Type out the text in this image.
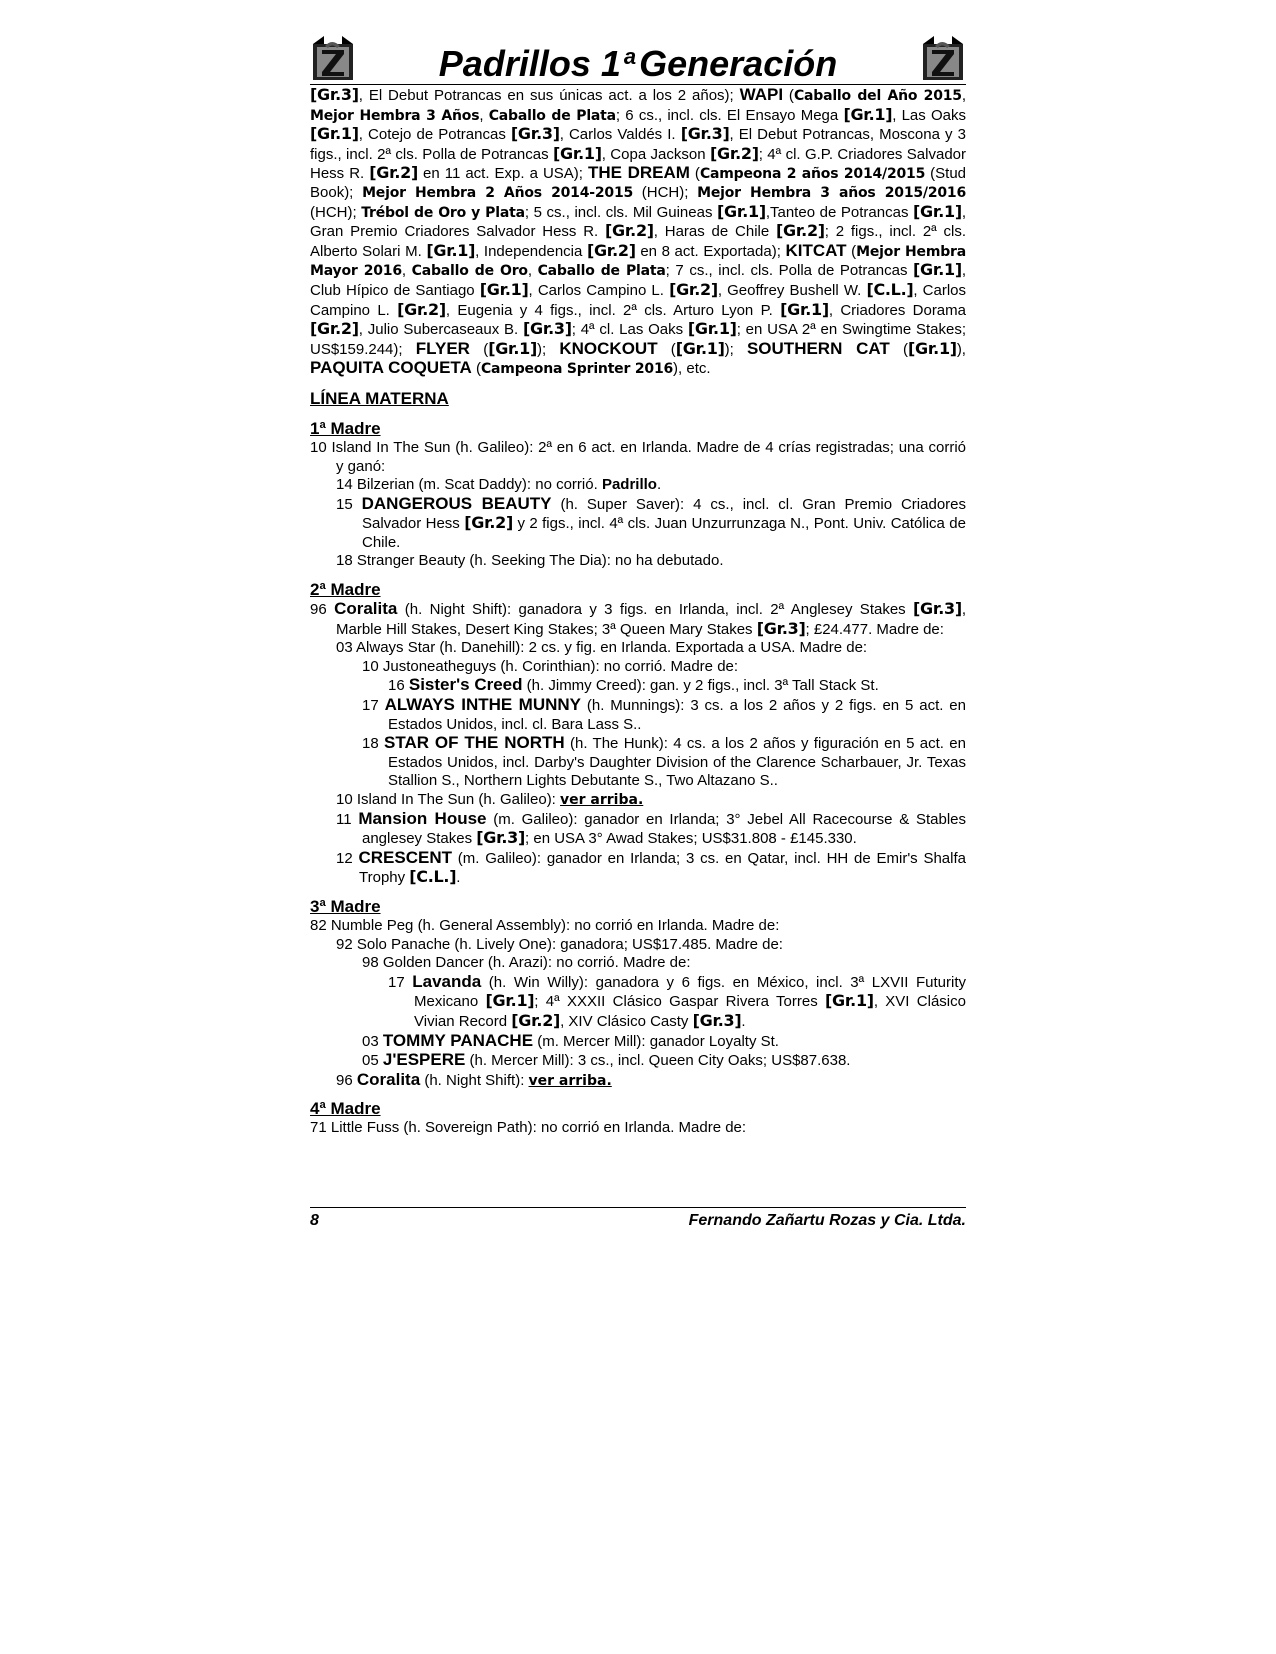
Padrillos 1 $^a$Generación

[Gr.3], El Debut Potrancas en sus únicas act. a los 2 años); WAPI (Caballo del Año 2015, Mejor Hembra 3 Años, Caballo de Plata; 6 cs., incl. cls. El Ensayo Mega [Gr.1], Las Oaks [Gr.1], Cotejo de Potrancas [Gr.3], Carlos Valdés I. [Gr.3], El Debut Potrancas, Moscona y 3 figs., incl. 2ª cls. Polla de Potrancas [Gr.1], Copa Jackson [Gr.2]; 4ª cl. G.P. Criadores Salvador Hess R. [Gr.2] en 11 act. Exp. a USA); THE DREAM (Campeona 2 años 2014/2015 (Stud Book); Mejor Hembra 2 Años 2014-2015 (HCH); Mejor Hembra 3 años 2015/2016 (HCH); Trébol de Oro y Plata; 5 cs., incl. cls. Mil Guineas [Gr.1],Tanteo de Potrancas [Gr.1], Gran Premio Criadores Salvador Hess R. [Gr.2], Haras de Chile [Gr.2]; 2 figs., incl. 2ª cls. Alberto Solari M. [Gr.1], Independencia [Gr.2] en 8 act. Exportada); KITCAT (Mejor Hembra Mayor 2016, Caballo de Oro, Caballo de Plata; 7 cs., incl. cls. Polla de Potrancas [Gr.1], Club Hípico de Santiago [Gr.1], Carlos Campino L. [Gr.2], Geoffrey Bushell W. [C.L.], Carlos Campino L. [Gr.2], Eugenia y 4 figs., incl. 2ª cls. Arturo Lyon P. [Gr.1], Criadores Dorama [Gr.2], Julio Subercaseaux B. [Gr.3]; 4ª cl. Las Oaks [Gr.1]; en USA 2ª en Swingtime Stakes; US$159.244); FLYER ([Gr.1]); KNOCKOUT ([Gr.1]); SOUTHERN CAT ([Gr.1]), PAQUITA COQUETA (Campeona Sprinter 2016), etc.

LÍNEA MATERNA
1ª Madre

10 Island In The Sun (h. Galileo): 2ª en 6 act. en Irlanda. Madre de 4 crías registradas; una corrió y ganó:

14 Bilzerian (m. Scat Daddy): no corrió. Padrillo.

15 DANGEROUS BEAUTY (h. Super Saver): 4 cs., incl. cl. Gran Premio Criadores Salvador Hess [Gr.2] y 2 figs., incl. 4ª cls. Juan Unzurrunzaga N., Pont. Univ. Católica de Chile.

18 Stranger Beauty (h. Seeking The Dia): no ha debutado.

2ª Madre

96 Coralita (h. Night Shift): ganadora y 3 figs. en Irlanda, incl. 2ª Anglesey Stakes [Gr.3], Marble Hill Stakes, Desert King Stakes; 3ª Queen Mary Stakes [Gr.3]; £24.477. Madre de:

03 Always Star (h. Danehill): 2 cs. y fig. en Irlanda. Exportada a USA. Madre de:

10 Justoneatheguys (h. Corinthian): no corrió. Madre de:

16 Sister's Creed (h. Jimmy Creed): gan. y 2 figs., incl. 3ª Tall Stack St.

17 ALWAYS INTHE MUNNY (h. Munnings): 3 cs. a los 2 años y 2 figs. en 5 act. en Estados Unidos, incl. cl. Bara Lass S..

18 STAR OF THE NORTH (h. The Hunk): 4 cs. a los 2 años y figuración en 5 act. en Estados Unidos, incl. Darby's Daughter Division of the Clarence Scharbauer, Jr. Texas Stallion S., Northern Lights Debutante S., Two Altazano S..

10 Island In The Sun (h. Galileo): ver arriba.

11 Mansion House (m. Galileo): ganador en Irlanda; 3° Jebel All Racecourse & Stables anglesey Stakes [Gr.3]; en USA 3° Awad Stakes; US$31.808 - £145.330.

12 CRESCENT (m. Galileo): ganador en Irlanda; 3 cs. en Qatar, incl. HH de Emir's Shalfa Trophy [C.L.].

3ª Madre

82 Numble Peg (h. General Assembly): no corrió en Irlanda. Madre de:

92 Solo Panache (h. Lively One): ganadora; US$17.485. Madre de:

98 Golden Dancer (h. Arazi): no corrió. Madre de:

17 Lavanda (h. Win Willy): ganadora y 6 figs. en México, incl. 3ª LXVII Futurity Mexicano [Gr.1]; 4ª XXXII Clásico Gaspar Rivera Torres [Gr.1], XVI Clásico Vivian Record [Gr.2], XIV Clásico Casty [Gr.3].

03 TOMMY PANACHE (m. Mercer Mill): ganador Loyalty St.

05 J'ESPERE (h. Mercer Mill): 3 cs., incl. Queen City Oaks; US$87.638.

96 Coralita (h. Night Shift): ver arriba.

4ª Madre

71 Little Fuss (h. Sovereign Path): no corrió en Irlanda. Madre de:

8	Fernando Zañartu Rozas y Cia. Ltda.
